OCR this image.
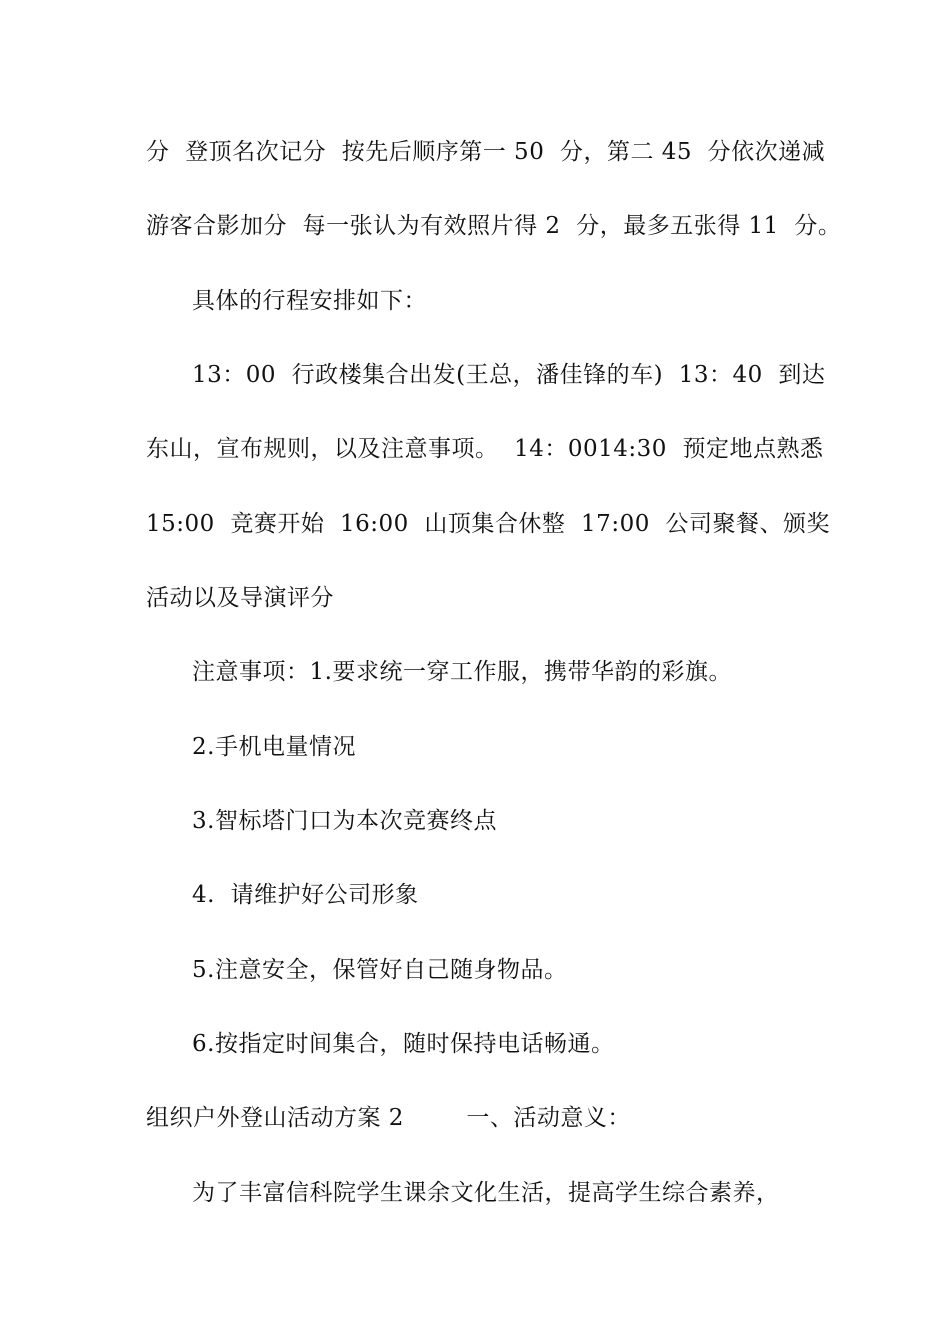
分  登顶名次记分  按先后顺序第一 50  分，第二 45  分依次递减
游客合影加分  每一张认为有效照片得 2  分，最多五张得 11  分。
具体的行程安排如下：
13：00  行政楼集合出发(王总，潘佳锋的车)  13：40  到达
东山，宣布规则，以及注意事项。  14：0014:30  预定地点熟悉
15:00  竞赛开始  16:00  山顶集合休整  17:00  公司聚餐、颁奖
活动以及导演评分
注意事项：1.要求统一穿工作服，携带华韵的彩旗。
2.手机电量情况
3.智标塔门口为本次竞赛终点
4.  请维护好公司形象
5.注意安全，保管好自己随身物品。
6.按指定时间集合，随时保持电话畅通。
组织户外登山活动方案 2        一、活动意义：
为了丰富信科院学生课余文化生活，提高学生综合素养，
